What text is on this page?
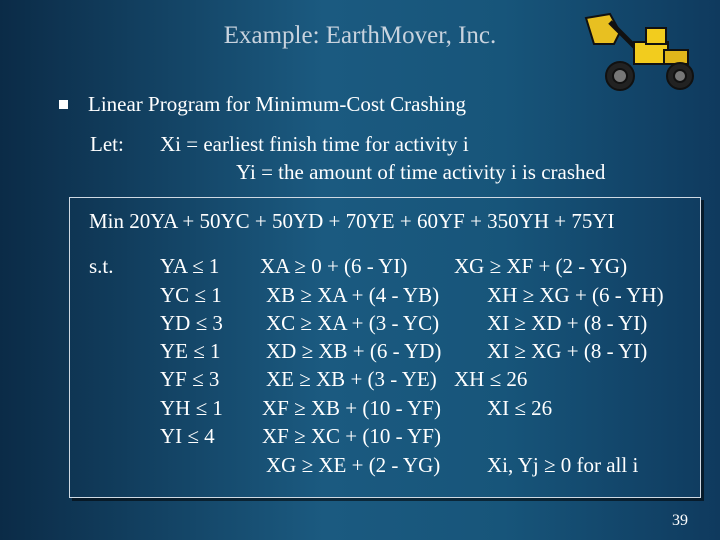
Example: EarthMover, Inc.
Linear Program for Minimum-Cost Crashing
Let: Xi = earliest finish time for activity i
Yi = the amount of time activity i is crashed
Min 20YA + 50YC + 50YD + 70YE + 60YF + 350YH + 75YI
s.t. YA ≤ 1
YC ≤ 1
YD ≤ 3
YE ≤ 1
YF ≤ 3
YH ≤ 1
YI ≤ 4
XA ≥ 0 + (6 - YI)
XB ≥ XA + (4 - YB)
XC ≥ XA + (3 - YC)
XD ≥ XB + (6 - YD)
XE ≥ XB + (3 - YE)
XF ≥ XB + (10 - YF)
XF ≥ XC + (10 - YF)
XG ≥ XE + (2 - YG)
XG ≥ XF + (2 - YG)
XH ≥ XG + (6 - YH)
XI ≥ XD + (8 - YI)
XI ≥ XG + (8 - YI)
XH ≤ 26
XI ≤ 26
Xi, Yj ≥ 0 for all i
39
